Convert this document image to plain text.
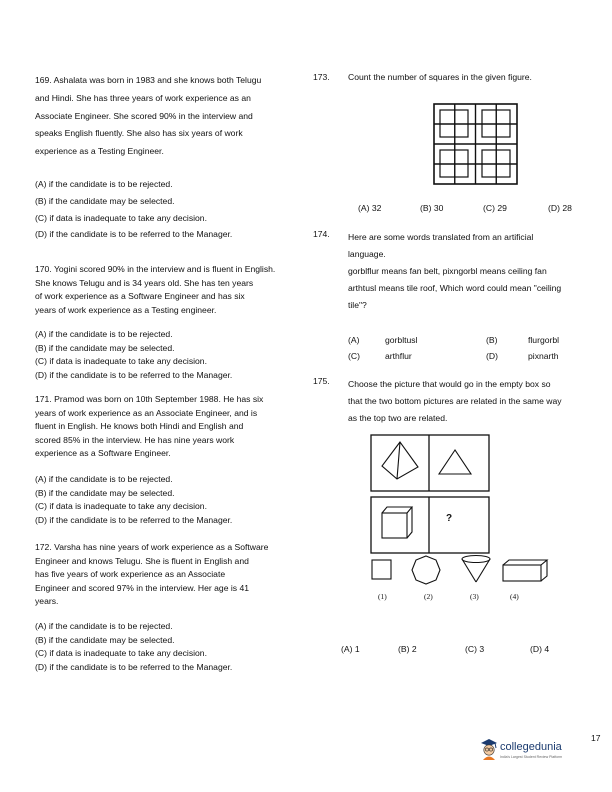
169. Ashalata was born in 1983 and she knows both Telugu
and Hindi. She has three years of work experience as an
Associate Engineer. She scored 90% in the interview and
speaks English fluently. She also has six years of work
experience as a Testing Engineer.
(A) if the candidate is to be rejected.
(B) if the candidate may be selected.
(C) if data is inadequate to take any decision.
(D) if the candidate is to be referred to the Manager.
170. Yogini scored 90% in the interview and is fluent in English.
She knows Telugu and is 34 years old. She has ten years
of work experience as a Software Engineer and has six
years of work experience as a Testing engineer.
(A) if the candidate is to be rejected.
(B) if the candidate may be selected.
(C) if data is inadequate to take any decision.
(D) if the candidate is to be referred to the Manager.
171. Pramod was born on 10th September 1988. He has six
years of work experience as an Associate Engineer, and is
fluent in English. He knows both Hindi and English and
scored 85% in the interview. He has nine years work
experience as a Software Engineer.
(A) if the candidate is to be rejected.
(B) if the candidate may be selected.
(C) if data is inadequate to take any decision.
(D) if the candidate is to be referred to the Manager.
172. Varsha has nine years of work experience as a Software
Engineer and knows Telugu. She is fluent in English and
has five years of work experience as an Associate
Engineer and scored 97% in the interview. Her age is 41
years.
(A) if the candidate is to be rejected.
(B) if the candidate may be selected.
(C) if data is inadequate to take any decision.
(D) if the candidate is to be referred to the Manager.
173. Count the number of squares in the given figure.
(A) 32	(B) 30	(C) 29	(D) 28
174. Here are some words translated from an artificial
language.
gorblflur means fan belt, pixngorbl means ceiling fan
arthtusl means tile roof, Which word could mean "ceiling
tile"?
(A)	gorbltusl	(B)	flurgorbl
(C)	arthflur	(D)	pixnarth
175. Choose the picture that would go in the empty box so
that the two bottom pictures are related in the same way
as the top two are related.
?
(1)	(2)	(3)	(4)
(A) 1	(B) 2	(C) 3	(D) 4
17
collegedunia
India's Largest Student Review Platform
